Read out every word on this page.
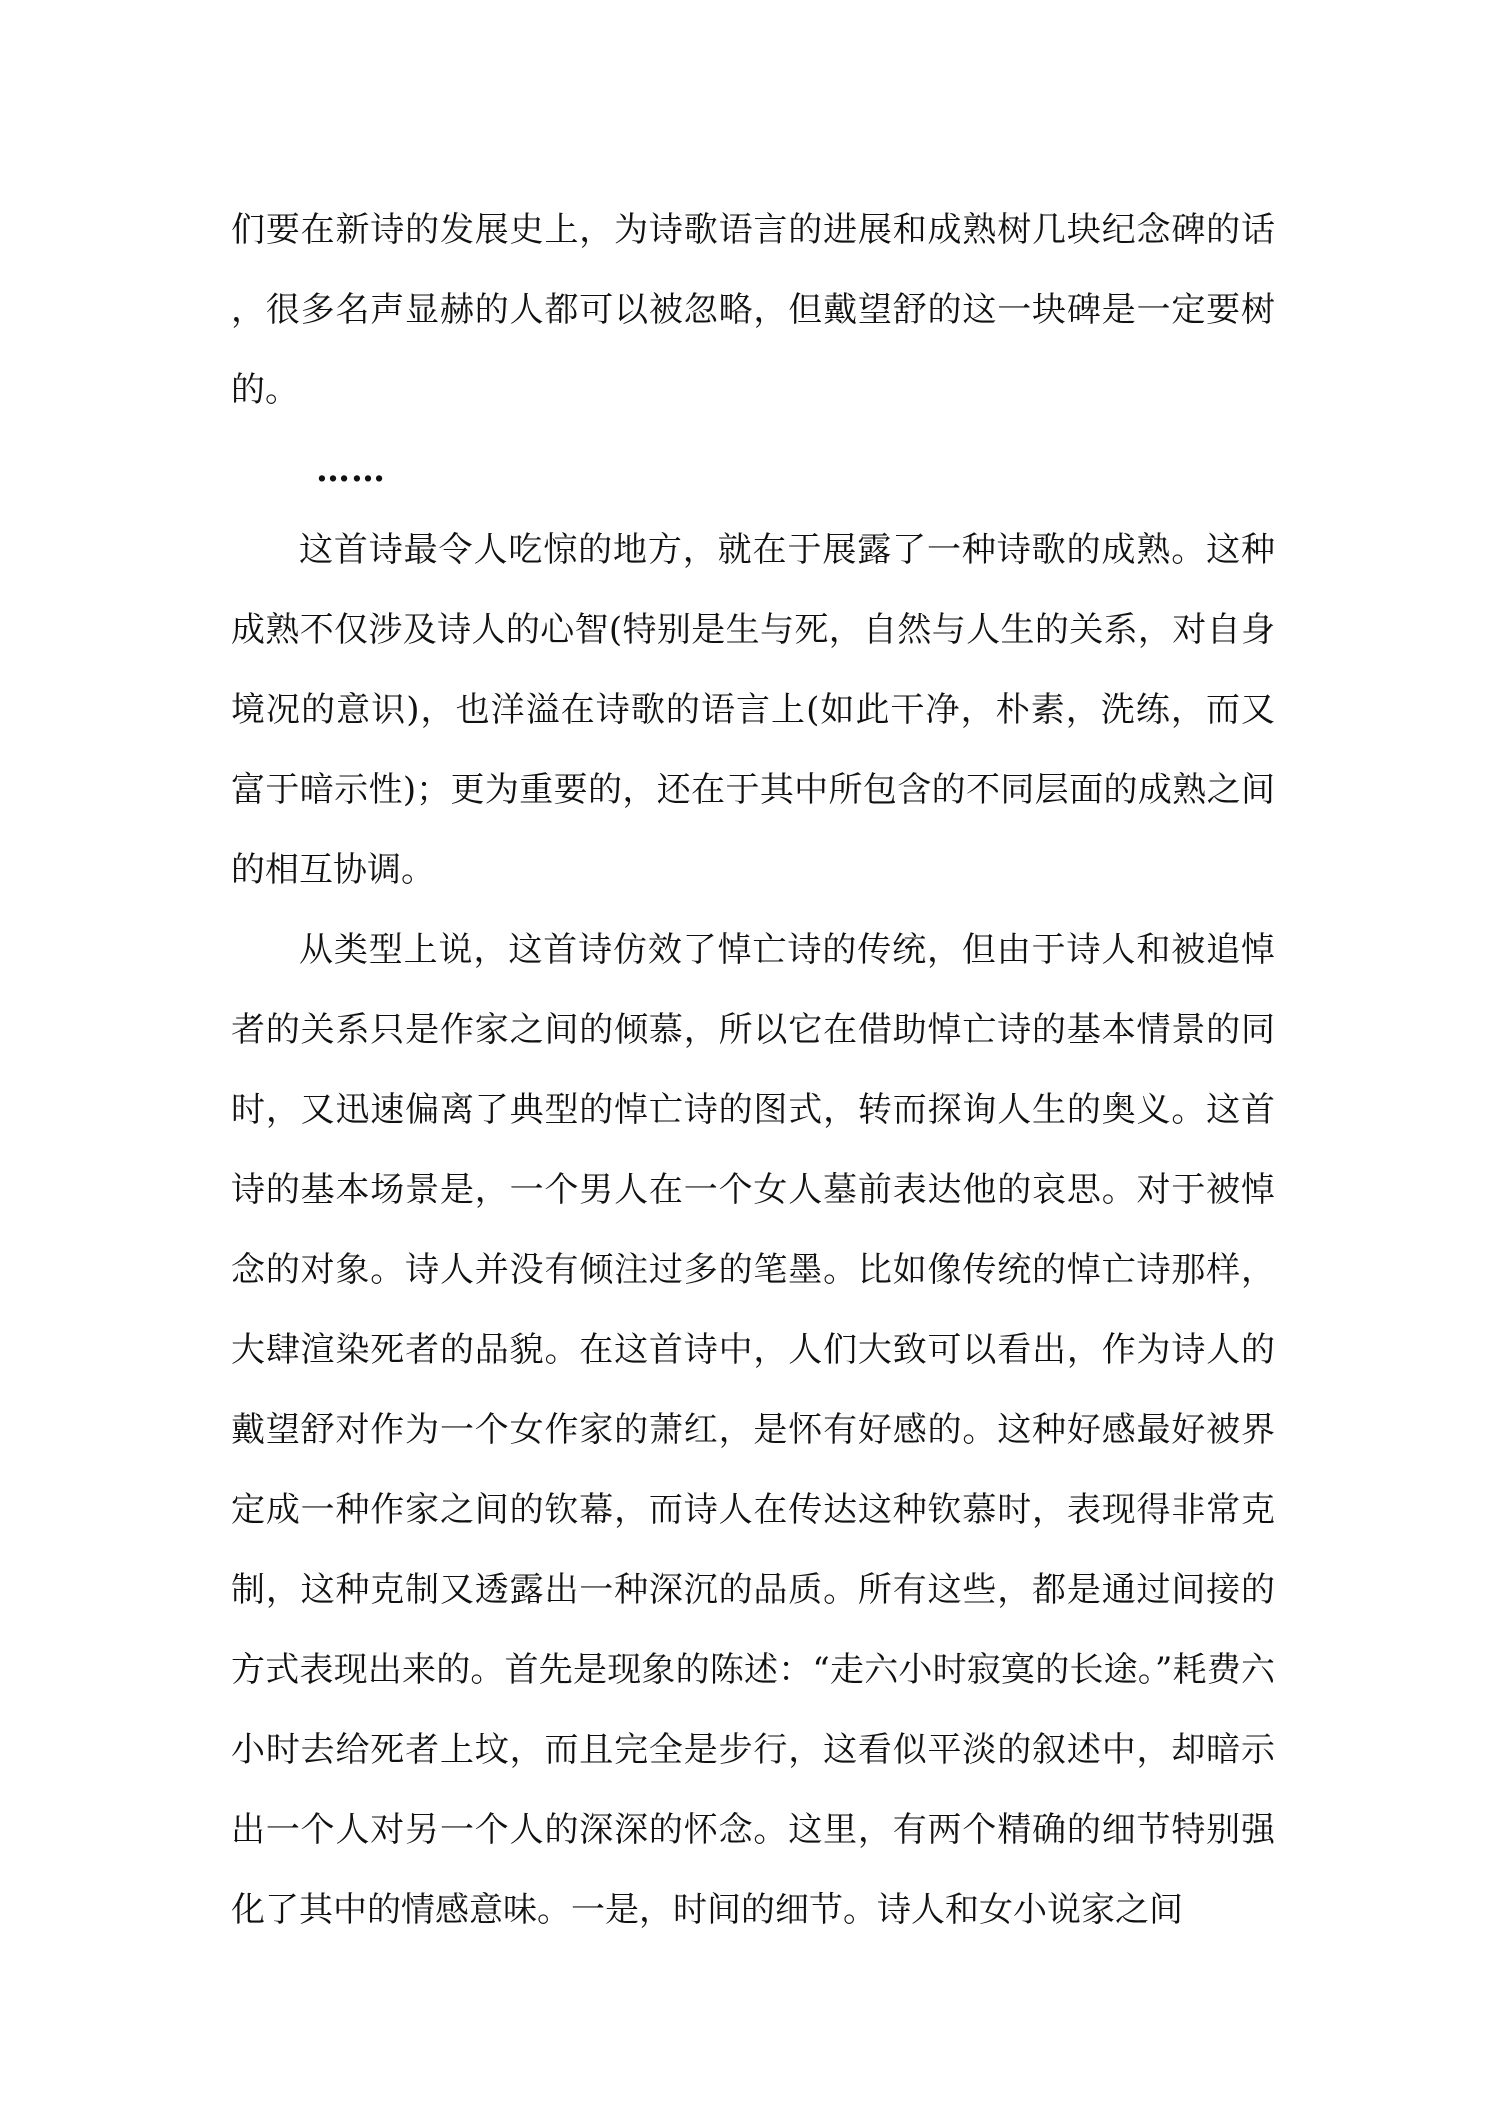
们要在新诗的发展史上，为诗歌语言的进展和成熟树几块纪念碑的话，很多名声显赫的人都可以被忽略，但戴望舒的这一块碑是一定要树的。

……

这首诗最令人吃惊的地方，就在于展露了一种诗歌的成熟。这种成熟不仅涉及诗人的心智(特别是生与死，自然与人生的关系，对自身境况的意识)，也洋溢在诗歌的语言上(如此干净，朴素，洗练，而又富于暗示性)；更为重要的，还在于其中所包含的不同层面的成熟之间的相互协调。

从类型上说，这首诗仿效了悼亡诗的传统，但由于诗人和被追悼者的关系只是作家之间的倾慕，所以它在借助悼亡诗的基本情景的同时，又迅速偏离了典型的悼亡诗的图式，转而探询人生的奥义。这首诗的基本场景是，一个男人在一个女人墓前表达他的哀思。对于被悼念的对象。诗人并没有倾注过多的笔墨。比如像传统的悼亡诗那样，大肆渲染死者的品貌。在这首诗中，人们大致可以看出，作为诗人的戴望舒对作为一个女作家的萧红，是怀有好感的。这种好感最好被界定成一种作家之间的钦幕，而诗人在传达这种钦慕时，表现得非常克制，这种克制又透露出一种深沉的品质。所有这些，都是通过间接的方式表现出来的。首先是现象的陈述：“走六小时寂寞的长途。”耗费六小时去给死者上坟，而且完全是步行，这看似平淡的叙述中，却暗示出一个人对另一个人的深深的怀念。这里，有两个精确的细节特别强化了其中的情感意味。一是，时间的细节。诗人和女小说家之间
